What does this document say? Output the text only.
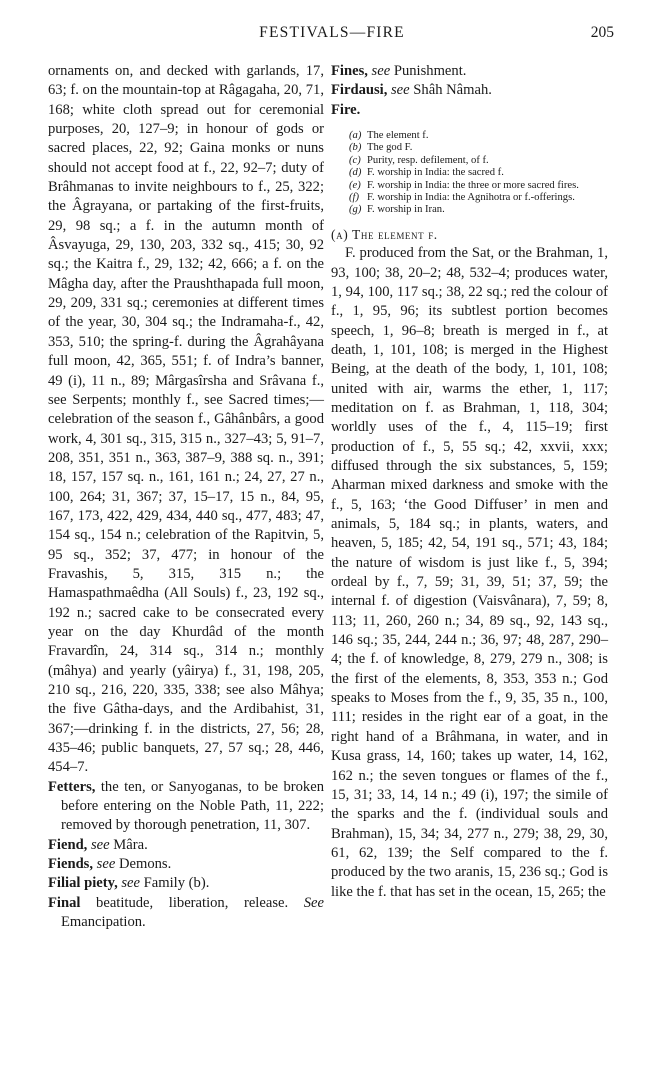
FESTIVALS—FIRE	205

ornaments on, and decked with garlands, 17, 63; f. on the mountain-top at Râgagaha, 20, 71, 168; white cloth spread out for ceremonial purposes, 20, 127–9; in honour of gods or sacred places, 22, 92; Gaina monks or nuns should not accept food at f., 22, 92–7; duty of Brâhmanas to invite neighbours to f., 25, 322; the Âgrayana, or partaking of the first-fruits, 29, 98 sq.; a f. in the autumn month of Âsvayuga, 29, 130, 203, 332 sq., 415; 30, 92 sq.; the Kaitra f., 29, 132; 42, 666; a f. on the Mâgha day, after the Praushthapada full moon, 29, 209, 331 sq.; ceremonies at different times of the year, 30, 304 sq.; the Indramaha-f., 42, 353, 510; the spring-f. during the Âgrahâyana full moon, 42, 365, 551; f. of Indra’s banner, 49 (i), 11 n., 89; Mârgasîrsha and Srâvana f., see Serpents; monthly f., see Sacred times;—celebration of the season f., Gâhânbârs, a good work, 4, 301 sq., 315, 315 n., 327–43; 5, 91–7, 208, 351, 351 n., 363, 387–9, 388 sq. n., 391; 18, 157, 157 sq. n., 161, 161 n.; 24, 27, 27 n., 100, 264; 31, 367; 37, 15–17, 15 n., 84, 95, 167, 173, 422, 429, 434, 440 sq., 477, 483; 47, 154 sq., 154 n.; celebration of the Rapitvin, 5, 95 sq., 352; 37, 477; in honour of the Fravashis, 5, 315, 315 n.; the Hamaspathmaêdha (All Souls) f., 23, 192 sq., 192 n.; sacred cake to be consecrated every year on the day Khurdâd of the month Fravardîn, 24, 314 sq., 314 n.; monthly (mâhya) and yearly (yâirya) f., 31, 198, 205, 210 sq., 216, 220, 335, 338; see also Mâhya; the five Gâtha-days, and the Ardibahist, 31, 367;—drinking f. in the districts, 27, 56; 28, 435–46; public banquets, 27, 57 sq.; 28, 446, 454–7.

Fetters, the ten, or Sanyoganas, to be broken before entering on the Noble Path, 11, 222; removed by thorough penetration, 11, 307.

Fiend, see Mâra.

Fiends, see Demons.

Filial piety, see Family (b).

Final beatitude, liberation, release. See Emancipation.

Fines, see Punishment.

Firdausi, see Shâh Nâmah.

Fire.

(a) The element f.
(b) The god F.
(c) Purity, resp. defilement, of f.
(d) F. worship in India: the sacred f.
(e) F. worship in India: the three or more sacred fires.
(f) F. worship in India: the Agnihotra or f.-offerings.
(g) F. worship in Iran.

(a) The element f.

F. produced from the Sat, or the Brahman, 1, 93, 100; 38, 20–2; 48, 532–4; produces water, 1, 94, 100, 117 sq.; 38, 22 sq.; red the colour of f., 1, 95, 96; its subtlest portion becomes speech, 1, 96–8; breath is merged in f., at death, 1, 101, 108; is merged in the Highest Being, at the death of the body, 1, 101, 108; united with air, warms the ether, 1, 117; meditation on f. as Brahman, 1, 118, 304; worldly uses of the f., 4, 115–19; first production of f., 5, 55 sq.; 42, xxvii, xxx; diffused through the six substances, 5, 159; Aharman mixed darkness and smoke with the f., 5, 163; ‘the Good Diffuser’ in men and animals, 5, 184 sq.; in plants, waters, and heaven, 5, 185; 42, 54, 191 sq., 571; 43, 184; the nature of wisdom is just like f., 5, 394; ordeal by f., 7, 59; 31, 39, 51; 37, 59; the internal f. of digestion (Vaisvânara), 7, 59; 8, 113; 11, 260, 260 n.; 34, 89 sq., 92, 143 sq., 146 sq.; 35, 244, 244 n.; 36, 97; 48, 287, 290–4; the f. of knowledge, 8, 279, 279 n., 308; is the first of the elements, 8, 353, 353 n.; God speaks to Moses from the f., 9, 35, 35 n., 100, 111; resides in the right ear of a goat, in the right hand of a Brâhmana, in water, and in Kusa grass, 14, 160; takes up water, 14, 162, 162 n.; the seven tongues or flames of the f., 15, 31; 33, 14, 14 n.; 49 (i), 197; the simile of the sparks and the f. (individual souls and Brahman), 15, 34; 34, 277 n., 279; 38, 29, 30, 61, 62, 139; the Self compared to the f. produced by the two aranis, 15, 236 sq.; God is like the f. that has set in the ocean, 15, 265; the
